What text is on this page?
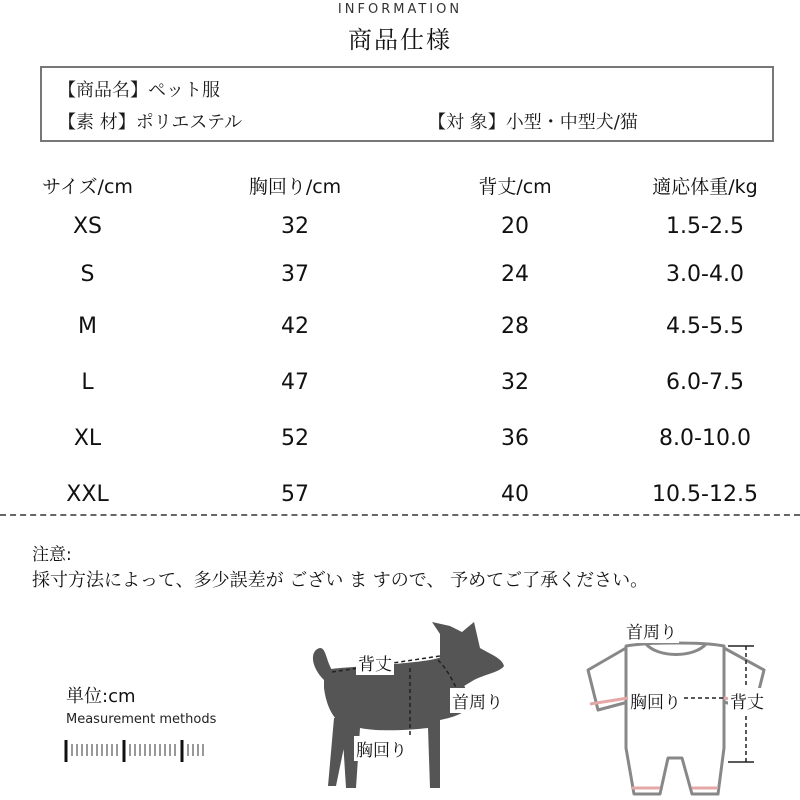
INFORMATION
商品仕様
【商品名】ペット服
【素 材】ポリエステル	【対 象】小型・中型犬/猫
サイズ/cm	胸回り/cm	背丈/cm	適応体重/kg
XS	32	20	1.5-2.5
S	37	24	3.0-4.0
M	42	28	4.5-5.5
L	47	32	6.0-7.5
XL	52	36	8.0-10.0
XXL	57	40	10.5-12.5
注意:
採寸方法によって、多少誤差が ござい ま すので、 予めてご了承ください。
単位:cm
Measurement methods
背丈
首周り
胸回り
首周り
胸回り	背丈
